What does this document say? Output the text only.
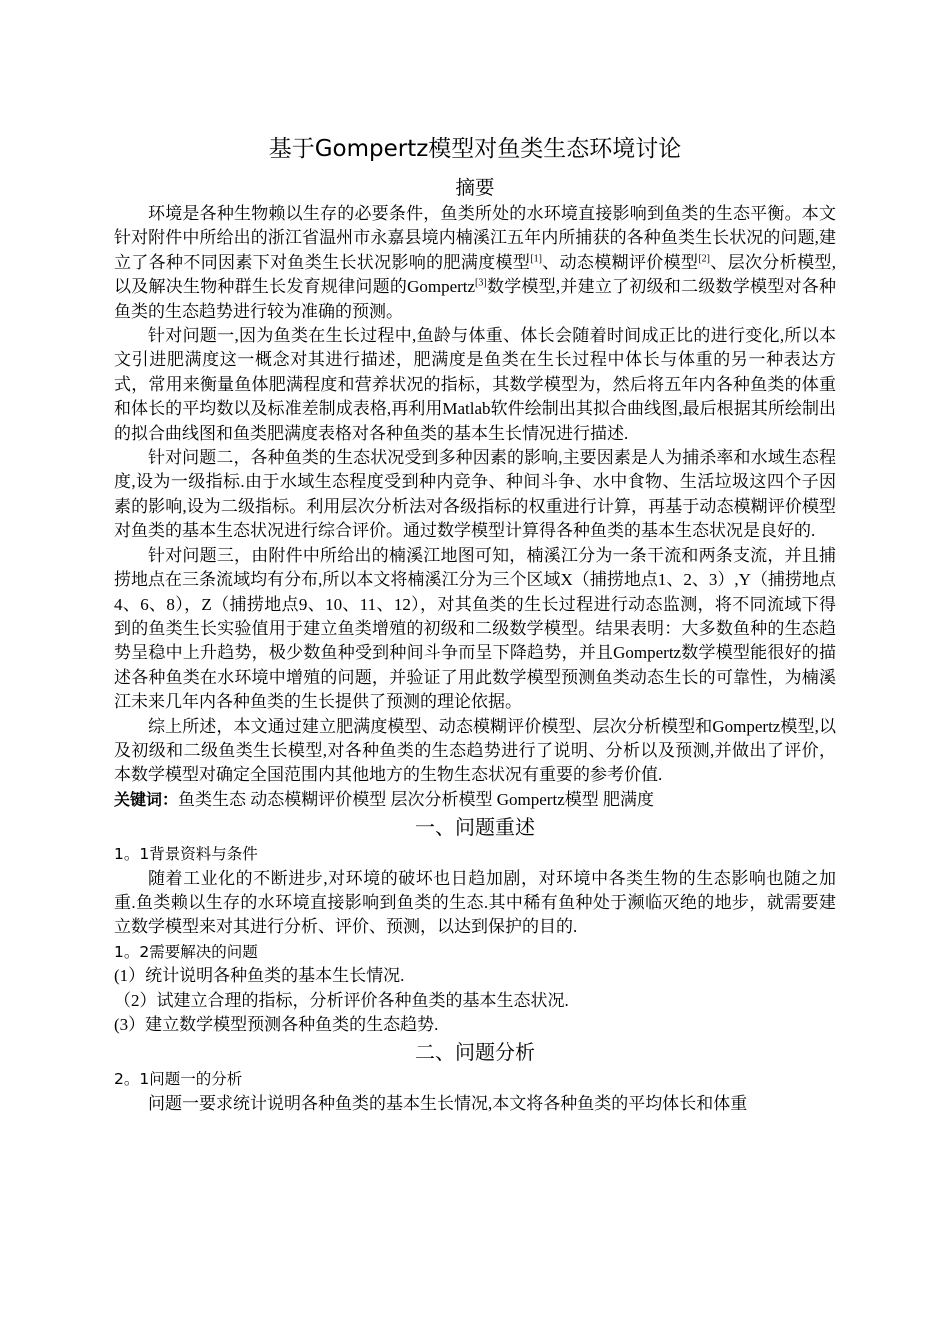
基于Gompertz模型对鱼类生态环境讨论
摘要

环境是各种生物赖以生存的必要条件，鱼类所处的水环境直接影响到鱼类的生态平衡。本文针对附件中所给出的浙江省温州市永嘉县境内楠溪江五年内所捕获的各种鱼类生长状况的问题,建立了各种不同因素下对鱼类生长状况影响的肥满度模型[1]、动态模糊评价模型[2]、层次分析模型,以及解决生物种群生长发育规律问题的Gompertz[3]数学模型,并建立了初级和二级数学模型对各种鱼类的生态趋势进行较为准确的预测。

针对问题一,因为鱼类在生长过程中,鱼龄与体重、体长会随着时间成正比的进行变化,所以本文引进肥满度这一概念对其进行描述，肥满度是鱼类在生长过程中体长与体重的另一种表达方式，常用来衡量鱼体肥满程度和营养状况的指标，其数学模型为，然后将五年内各种鱼类的体重和体长的平均数以及标准差制成表格,再利用Matlab软件绘制出其拟合曲线图,最后根据其所绘制出的拟合曲线图和鱼类肥满度表格对各种鱼类的基本生长情况进行描述.

针对问题二，各种鱼类的生态状况受到多种因素的影响,主要因素是人为捕杀率和水域生态程度,设为一级指标.由于水域生态程度受到种内竞争、种间斗争、水中食物、生活垃圾这四个子因素的影响,设为二级指标。利用层次分析法对各级指标的权重进行计算，再基于动态模糊评价模型对鱼类的基本生态状况进行综合评价。通过数学模型计算得各种鱼类的基本生态状况是良好的.

针对问题三，由附件中所给出的楠溪江地图可知，楠溪江分为一条干流和两条支流，并且捕捞地点在三条流域均有分布,所以本文将楠溪江分为三个区域X（捕捞地点1、2、3）,Y（捕捞地点4、6、8），Z（捕捞地点9、10、11、12），对其鱼类的生长过程进行动态监测，将不同流域下得到的鱼类生长实验值用于建立鱼类增殖的初级和二级数学模型。结果表明：大多数鱼种的生态趋势呈稳中上升趋势，极少数鱼种受到种间斗争而呈下降趋势，并且Gompertz数学模型能很好的描述各种鱼类在水环境中增殖的问题，并验证了用此数学模型预测鱼类动态生长的可靠性，为楠溪江未来几年内各种鱼类的生长提供了预测的理论依据。

综上所述，本文通过建立肥满度模型、动态模糊评价模型、层次分析模型和Gompertz模型,以及初级和二级鱼类生长模型,对各种鱼类的生态趋势进行了说明、分析以及预测,并做出了评价，本数学模型对确定全国范围内其他地方的生物生态状况有重要的参考价值.

关键词：鱼类生态 动态模糊评价模型 层次分析模型 Gompertz模型 肥满度

一、问题重述
1。1背景资料与条件

随着工业化的不断进步,对环境的破坏也日趋加剧，对环境中各类生物的生态影响也随之加重.鱼类赖以生存的水环境直接影响到鱼类的生态.其中稀有鱼种处于濒临灭绝的地步，就需要建立数学模型来对其进行分析、评价、预测，以达到保护的目的.

1。2需要解决的问题

(1）统计说明各种鱼类的基本生长情况.

（2）试建立合理的指标，分析评价各种鱼类的基本生态状况.

(3）建立数学模型预测各种鱼类的生态趋势.

二、问题分析
2。1问题一的分析

问题一要求统计说明各种鱼类的基本生长情况,本文将各种鱼类的平均体长和体重
